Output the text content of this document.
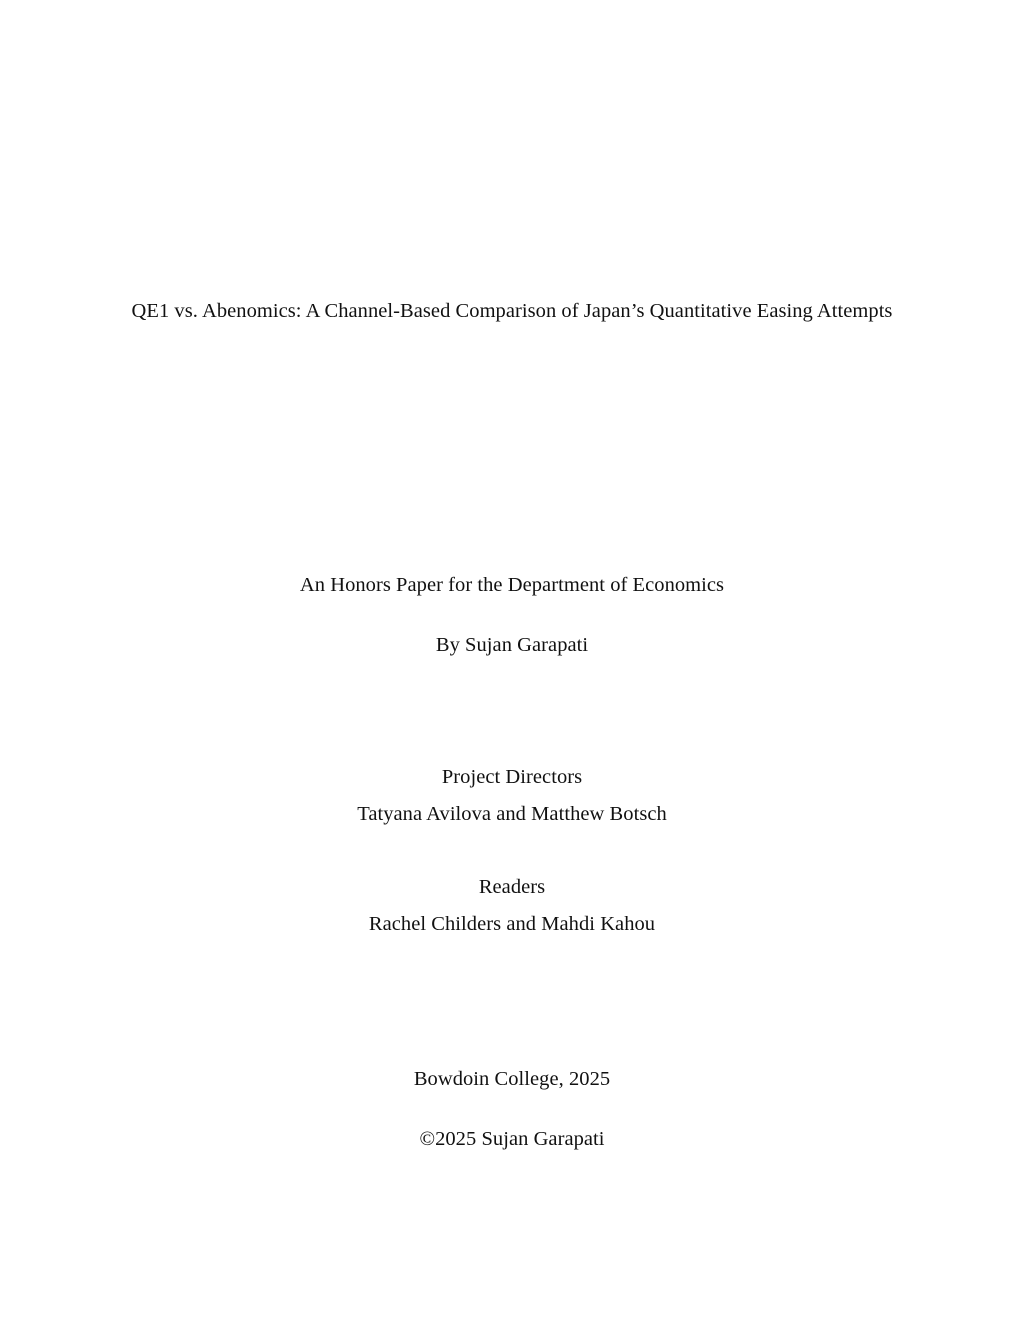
QE1 vs. Abenomics: A Channel-Based Comparison of Japan’s Quantitative Easing Attempts
An Honors Paper for the Department of Economics
By Sujan Garapati
Project Directors
Tatyana Avilova and Matthew Botsch
Readers
Rachel Childers and Mahdi Kahou
Bowdoin College, 2025
©2025 Sujan Garapati
